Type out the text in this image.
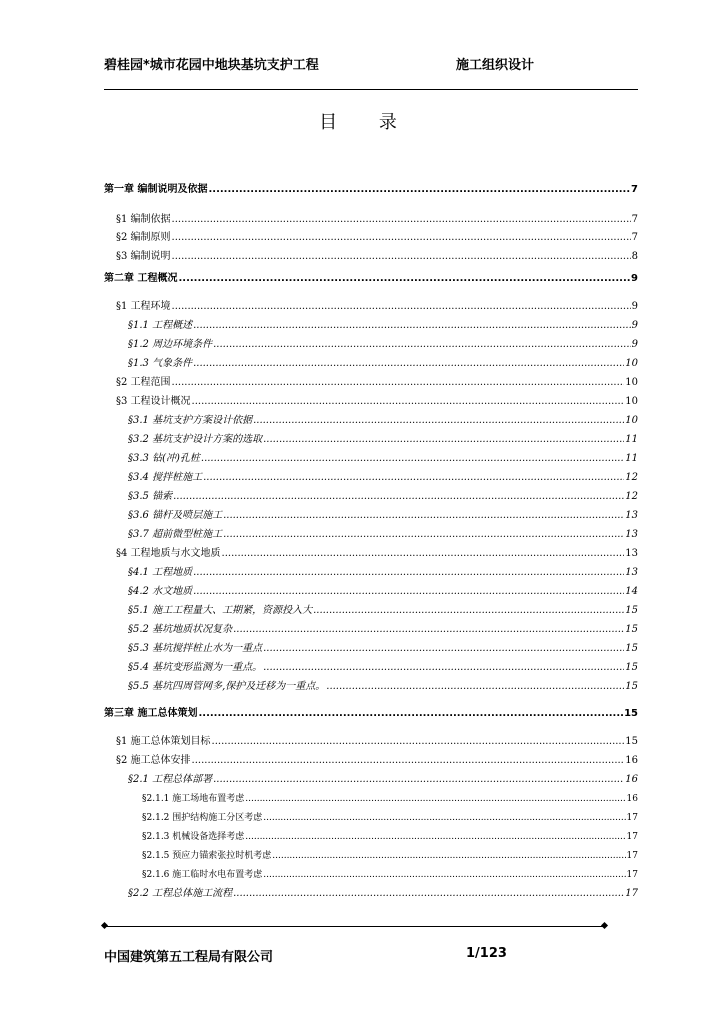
碧桂园*城市花园中地块基坑支护工程	施工组织设计
目 录
第一章 编制说明及依据 .....	7
§1 编制依据 .....	7
§2 编制原则 .....	7
§3 编制说明 .....	8
第二章 工程概况 .....	9
§1 工程环境 .....	9
§1.1 工程概述 .....	9
§1.2 周边环境条件 .....	9
§1.3 气象条件 .....	10
§2 工程范围 .....	10
§3 工程设计概况 .....	10
§3.1 基坑支护方案设计依据 .....	10
§3.2 基坑支护设计方案的选取 .....	11
§3.3 钻(冲)孔桩 .....	11
§3.4 搅拌桩施工 .....	12
§3.5 锚索 .....	12
§3.6 锚杆及喷层施工 .....	13
§3.7 超前微型桩施工 .....	13
§4 工程地质与水文地质 .....	13
§4.1 工程地质 .....	13
§4.2 水文地质 .....	14
§5.1 施工工程量大、工期紧，资源投入大 .....	15
§5.2 基坑地质状况复杂 .....	15
§5.3 基坑搅拌桩止水为一重点 .....	15
§5.4 基坑变形监测为一重点。 .....	15
§5.5 基坑四周管网多,保护及迁移为一重点。 .....	15
第三章 施工总体策划 .....	15
§1 施工总体策划目标 .....	15
§2 施工总体安排 .....	16
§2.1 工程总体部署 .....	16
§2.1.1 施工场地布置考虑 .....	16
§2.1.2 围护结构施工分区考虑 .....	17
§2.1.3 机械设备选择考虑 .....	17
§2.1.5 预应力锚索张拉时机考虑 .....	17
§2.1.6 施工临时水电布置考虑 .....	17
§2.2 工程总体施工流程 .....	17
中国建筑第五工程局有限公司	1/123
